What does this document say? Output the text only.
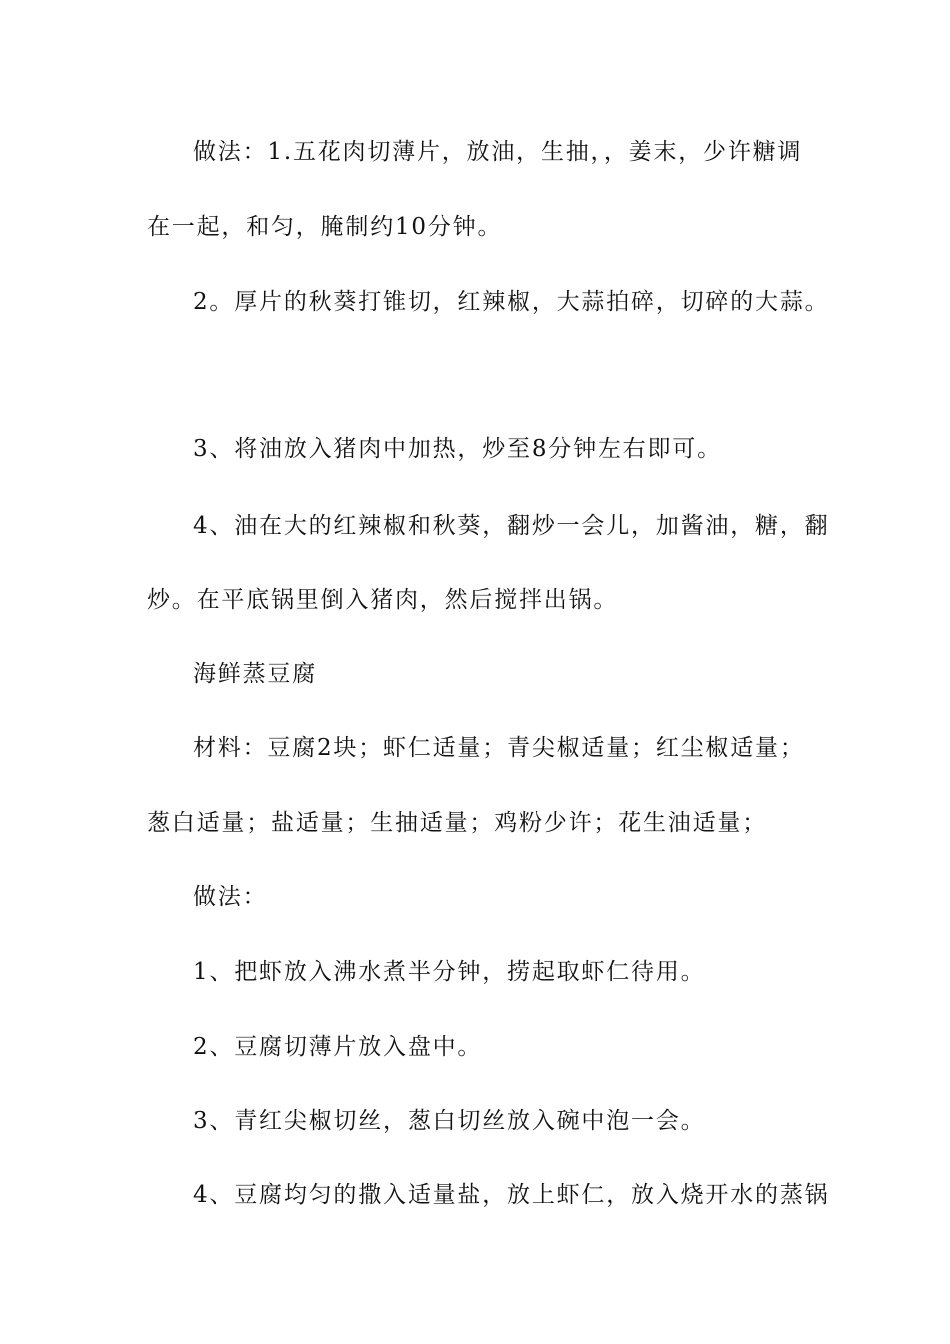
做法：1.五花肉切薄片，放油，生抽，，姜末，少许糖调
在一起，和匀，腌制约10分钟。
2。厚片的秋葵打锥切，红辣椒，大蒜拍碎，切碎的大蒜。
3、将油放入猪肉中加热，炒至8分钟左右即可。
4、油在大的红辣椒和秋葵，翻炒一会儿，加酱油，糖，翻
炒。在平底锅里倒入猪肉，然后搅拌出锅。
海鲜蒸豆腐
材料：豆腐2块；虾仁适量；青尖椒适量；红尘椒适量；
葱白适量；盐适量；生抽适量；鸡粉少许；花生油适量；
做法：
1、把虾放入沸水煮半分钟，捞起取虾仁待用。
2、豆腐切薄片放入盘中。
3、青红尖椒切丝，葱白切丝放入碗中泡一会。
4、豆腐均匀的撒入适量盐，放上虾仁，放入烧开水的蒸锅
